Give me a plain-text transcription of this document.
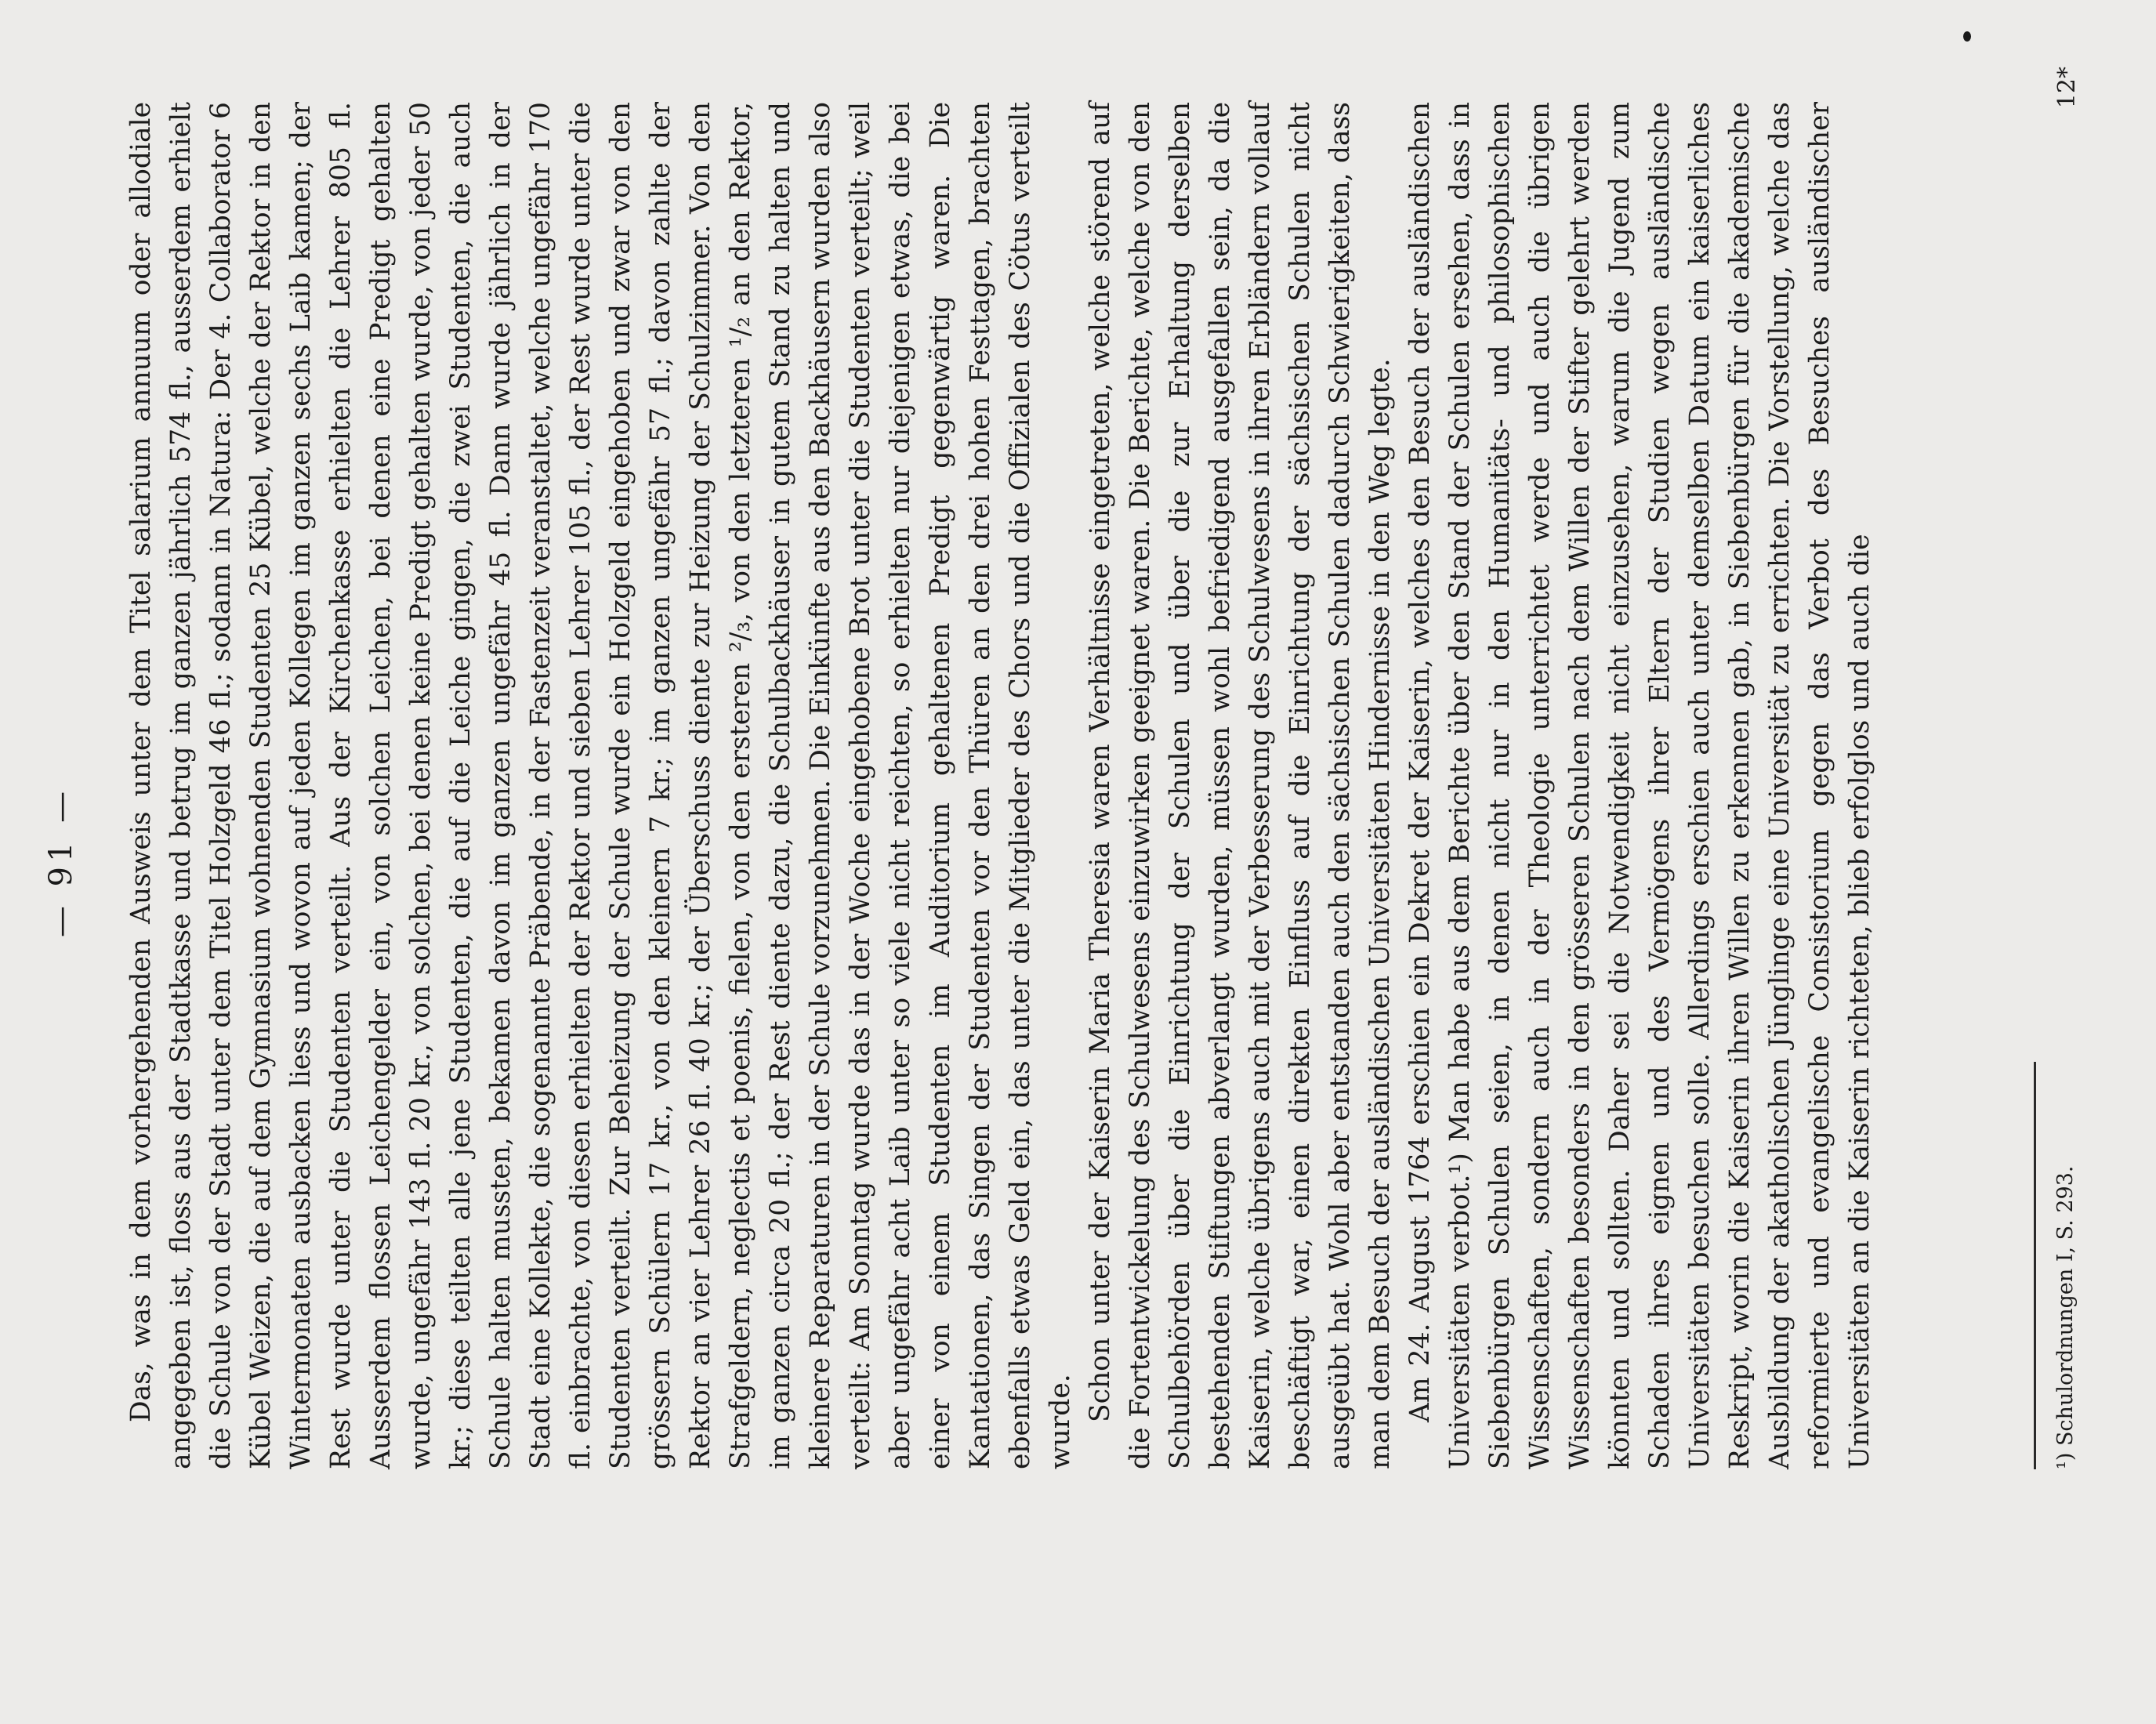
— 91 — Das, was in dem vorhergehenden Ausweis unter dem Titel salarium annuum oder allodiale angegeben ist, floss aus der Stadtkasse und betrug im ganzen jährlich 574 fl., ausserdem erhielt die Schule von der Stadt unter dem Titel Holzgeld 46 fl.; sodann in Natura: Der 4. Collaborator 6 Kübel Weizen, die auf dem Gymnasium wohnenden Studenten 25 Kübel, welche der Rektor in den Wintermonaten ausbacken liess und wovon auf jeden Kollegen im ganzen sechs Laib kamen; der Rest wurde unter die Studenten verteilt. Aus der Kirchenkasse erhielten die Lehrer 805 fl. Ausserdem flossen Leichengelder ein, von solchen Leichen, bei denen eine Predigt gehalten wurde, ungefähr 143 fl. 20 kr., von solchen, bei denen keine Predigt gehalten wurde, von jeder 50 kr.; diese teilten alle jene Studenten, die auf die Leiche gingen, die zwei Studenten, die auch Schule halten mussten, bekamen davon im ganzen ungefähr 45 fl. Dann wurde jährlich in der Stadt eine Kollekte, die sogenannte Präbende, in der Fastenzeit veranstaltet, welche ungefähr 170 fl. einbrachte, von diesen erhielten der Rektor und sieben Lehrer 105 fl., der Rest wurde unter die Studenten verteilt. Zur Beheizung der Schule wurde ein Holzgeld eingehoben und zwar von den grössern Schülern 17 kr., von den kleinern 7 kr.; im ganzen ungefähr 57 fl.; davon zahlte der Rektor an vier Lehrer 26 fl. 40 kr.; der Überschuss diente zur Heizung der Schulzimmer. Von den Strafgeldern, neglectis et poenis, fielen, von den ersteren ²/₃, von den letzteren ¹/₂ an den Rektor, im ganzen circa 20 fl.; der Rest diente dazu, die Schulbackhäuser in gutem Stand zu halten und kleinere Reparaturen in der Schule vorzunehmen. Die Einkünfte aus den Backhäusern wurden also verteilt: Am Sonntag wurde das in der Woche eingehobene Brot unter die Studenten verteilt; weil aber ungefähr acht Laib unter so viele nicht reichten, so erhielten nur diejenigen etwas, die bei einer von einem Studenten im Auditorium gehaltenen Predigt gegenwärtig waren. Die Kantationen, das Singen der Studenten vor den Thüren an den drei hohen Festtagen, brachten ebenfalls etwas Geld ein, das unter die Mitglieder des Chors und die Offizialen des Cötus verteilt wurde. Schon unter der Kaiserin Maria Theresia waren Verhältnisse eingetreten, welche störend auf die Fortentwickelung des Schulwesens einzuwirken geeignet waren. Die Berichte, welche von den Schulbehörden über die Einrichtung der Schulen und über die zur Erhaltung derselben bestehenden Stiftungen abverlangt wurden, müssen wohl befriedigend ausgefallen sein, da die Kaiserin, welche übrigens auch mit der Verbesserung des Schulwesens in ihren Erbländern vollauf beschäftigt war, einen direkten Einfluss auf die Einrichtung der sächsischen Schulen nicht ausgeübt hat. Wohl aber entstanden auch den sächsischen Schulen dadurch Schwierigkeiten, dass man dem Besuch der ausländischen Universitäten Hindernisse in den Weg legte. Am 24. August 1764 erschien ein Dekret der Kaiserin, welches den Besuch der ausländischen Universitäten verbot.¹) Man habe aus dem Berichte über den Stand der Schulen ersehen, dass in Siebenbürgen Schulen seien, in denen nicht nur in den Humanitäts- und philosophischen Wissenschaften, sondern auch in der Theologie unterrichtet werde und auch die übrigen Wissenschaften besonders in den grösseren Schulen nach dem Willen der Stifter gelehrt werden könnten und sollten. Daher sei die Notwendigkeit nicht einzusehen, warum die Jugend zum Schaden ihres eignen und des Vermögens ihrer Eltern der Studien wegen ausländische Universitäten besuchen solle. Allerdings erschien auch unter demselben Datum ein kaiserliches Reskript, worin die Kaiserin ihren Willen zu erkennen gab, in Siebenbürgen für die akademische Ausbildung der akatholischen Jünglinge eine Universität zu errichten. Die Vorstellung, welche das reformierte und evangelische Consistorium gegen das Verbot des Besuches ausländischer Universitäten an die Kaiserin richteten, blieb erfolglos und auch die	¹) Schulordnungen I, S. 293.

12*
